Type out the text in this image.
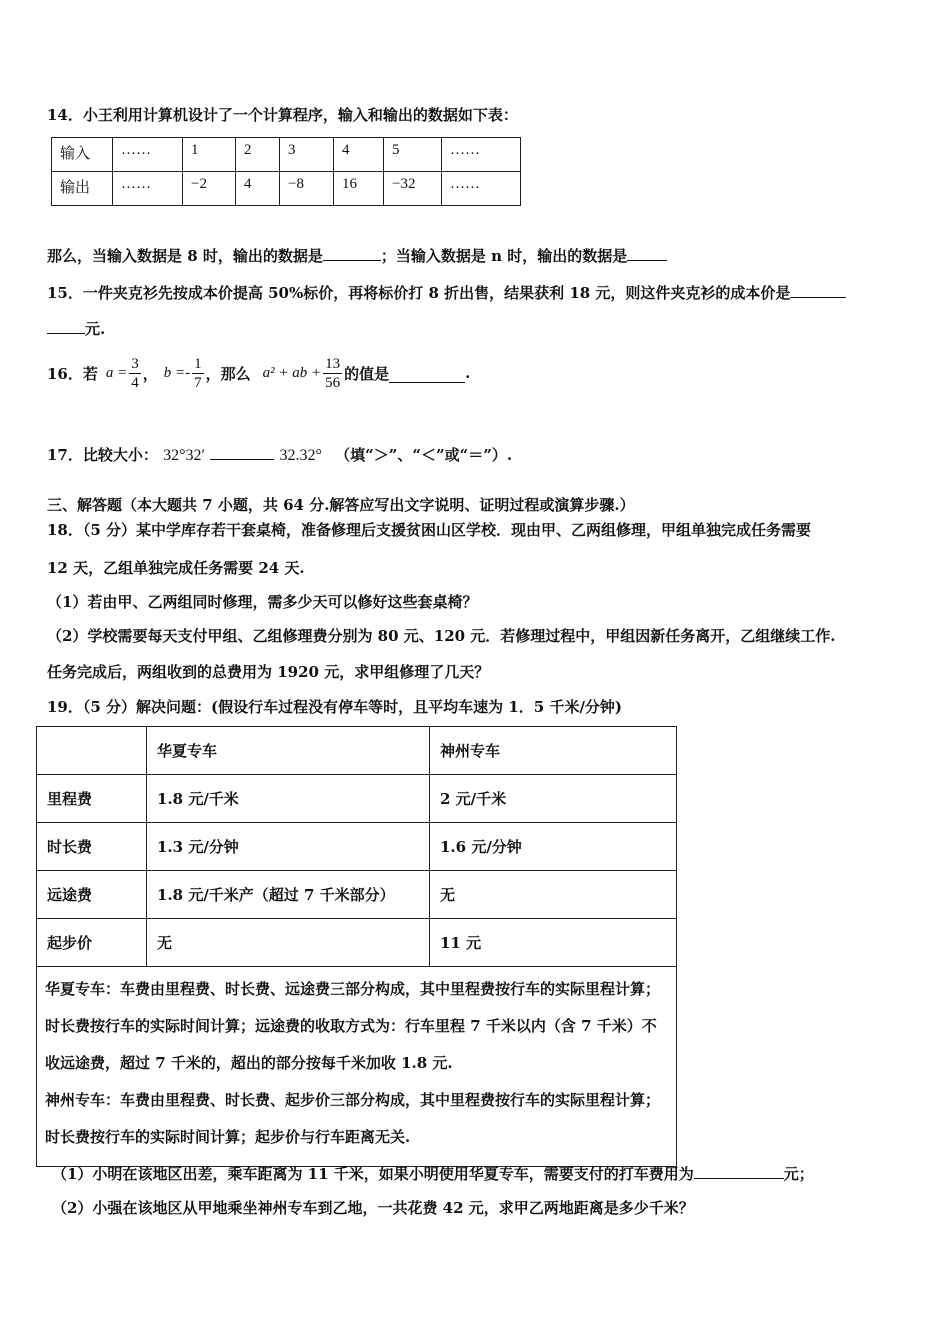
14．小王利用计算机设计了一个计算程序，输入和输出的数据如下表：
输入	……	1	2	3	4	5	……
输出	……	−2	4	−8	16	−32	……
那么，当输入数据是 8 时，输出的数据是	；当输入数据是 n 时，输出的数据是
15．一件夹克衫先按成本价提高 50%标价，再将标价打 8 折出售，结果获利 18 元，则这件夹克衫的成本价是
元.
16．若 $a = \frac{3}{4}$ ， $b =- \frac{1}{7}$ ，那么 a² + ab + $\frac{13}{56}$ 的值是	.
17．比较大小： 32°32′	32.32° （填“＞”、“＜”或“＝”）.
三、解答题（本大题共 7 小题，共 64 分.解答应写出文字说明、证明过程或演算步骤.）
18．（5 分）某中学库存若干套桌椅，准备修理后支援贫困山区学校．现由甲、乙两组修理，甲组单独完成任务需要
12 天，乙组单独完成任务需要 24 天.
（1）若由甲、乙两组同时修理，需多少天可以修好这些套桌椅？
（2）学校需要每天支付甲组、乙组修理费分别为 80 元、120 元．若修理过程中，甲组因新任务离开，乙组继续工作.
任务完成后，两组收到的总费用为 1920 元，求甲组修理了几天？
19．（5 分）解决问题：(假设行车过程没有停车等时，且平均车速为 1．5 千米/分钟)
	华夏专车	神州专车
里程费	1.8 元/千米	2 元/千米
时长费	1.3 元/分钟	1.6 元/分钟
远途费	1.8 元/千米产（超过 7 千米部分）	无
起步价	无	11 元

华夏专车：车费由里程费、时长费、远途费三部分构成，其中里程费按行车的实际里程计算；时长费按行车的实际时间计算；远途费的收取方式为：行车里程 7 千米以内（含 7 千米）不收远途费，超过 7 千米的，超出的部分按每千米加收 1.8 元.
神州专车：车费由里程费、时长费、起步价三部分构成，其中里程费按行车的实际里程计算；时长费按行车的实际时间计算；起步价与行车距离无关.		
（1）小明在该地区出差，乘车距离为 11 千米，如果小明使用华夏专车，需要支付的打车费用为	元；
（2）小强在该地区从甲地乘坐神州专车到乙地，一共花费 42 元，求甲乙两地距离是多少千米？
